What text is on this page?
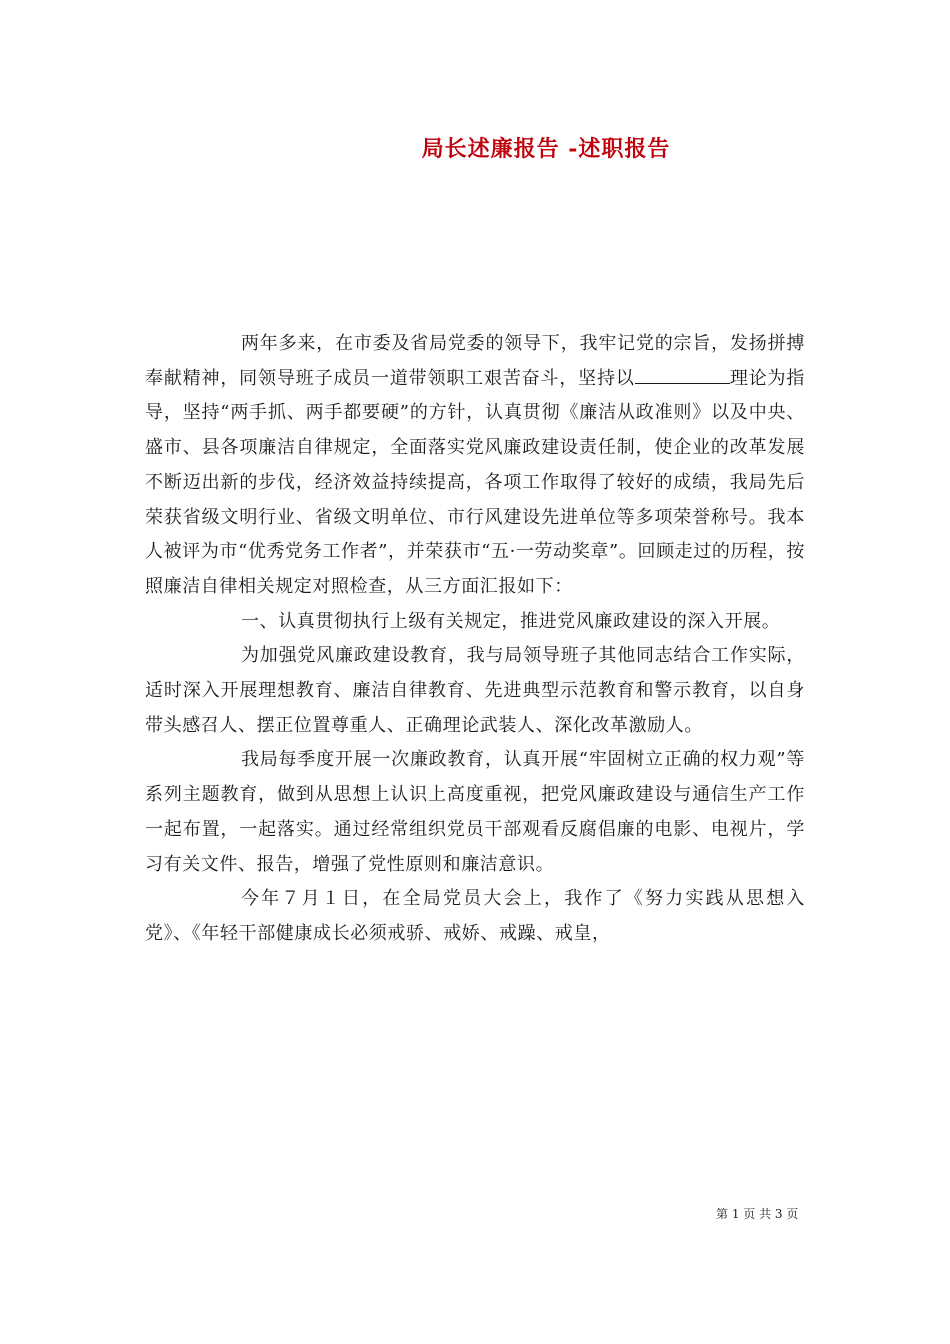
局长述廉报告 -述职报告

两年多来，在市委及省局党委的领导下，我牢记党的宗旨，发扬拼搏奉献精神，同领导班子成员一道带领职工艰苦奋斗，坚持以	理论为指导，坚持“两手抓、两手都要硬”的方针，认真贯彻《廉洁从政准则》以及中央、盛市、县各项廉洁自律规定，全面落实党风廉政建设责任制，使企业的改革发展不断迈出新的步伐，经济效益持续提高，各项工作取得了较好的成绩，我局先后荣获省级文明行业、省级文明单位、市行风建设先进单位等多项荣誉称号。我本人被评为市“优秀党务工作者”，并荣获市“五·一劳动奖章”。回顾走过的历程，按照廉洁自律相关规定对照检查，从三方面汇报如下：

一、认真贯彻执行上级有关规定，推进党风廉政建设的深入开展。

为加强党风廉政建设教育，我与局领导班子其他同志结合工作实际，适时深入开展理想教育、廉洁自律教育、先进典型示范教育和警示教育，以自身带头感召人、摆正位置尊重人、正确理论武装人、深化改革激励人。

我局每季度开展一次廉政教育，认真开展“牢固树立正确的权力观”等系列主题教育，做到从思想上认识上高度重视，把党风廉政建设与通信生产工作一起布置，一起落实。通过经常组织党员干部观看反腐倡廉的电影、电视片，学习有关文件、报告，增强了党性原则和廉洁意识。

今年７月１日，在全局党员大会上，我作了《努力实践从思想入党》、《年轻干部健康成长必须戒骄、戒娇、戒躁、戒皇，

第 1 页 共 3 页
